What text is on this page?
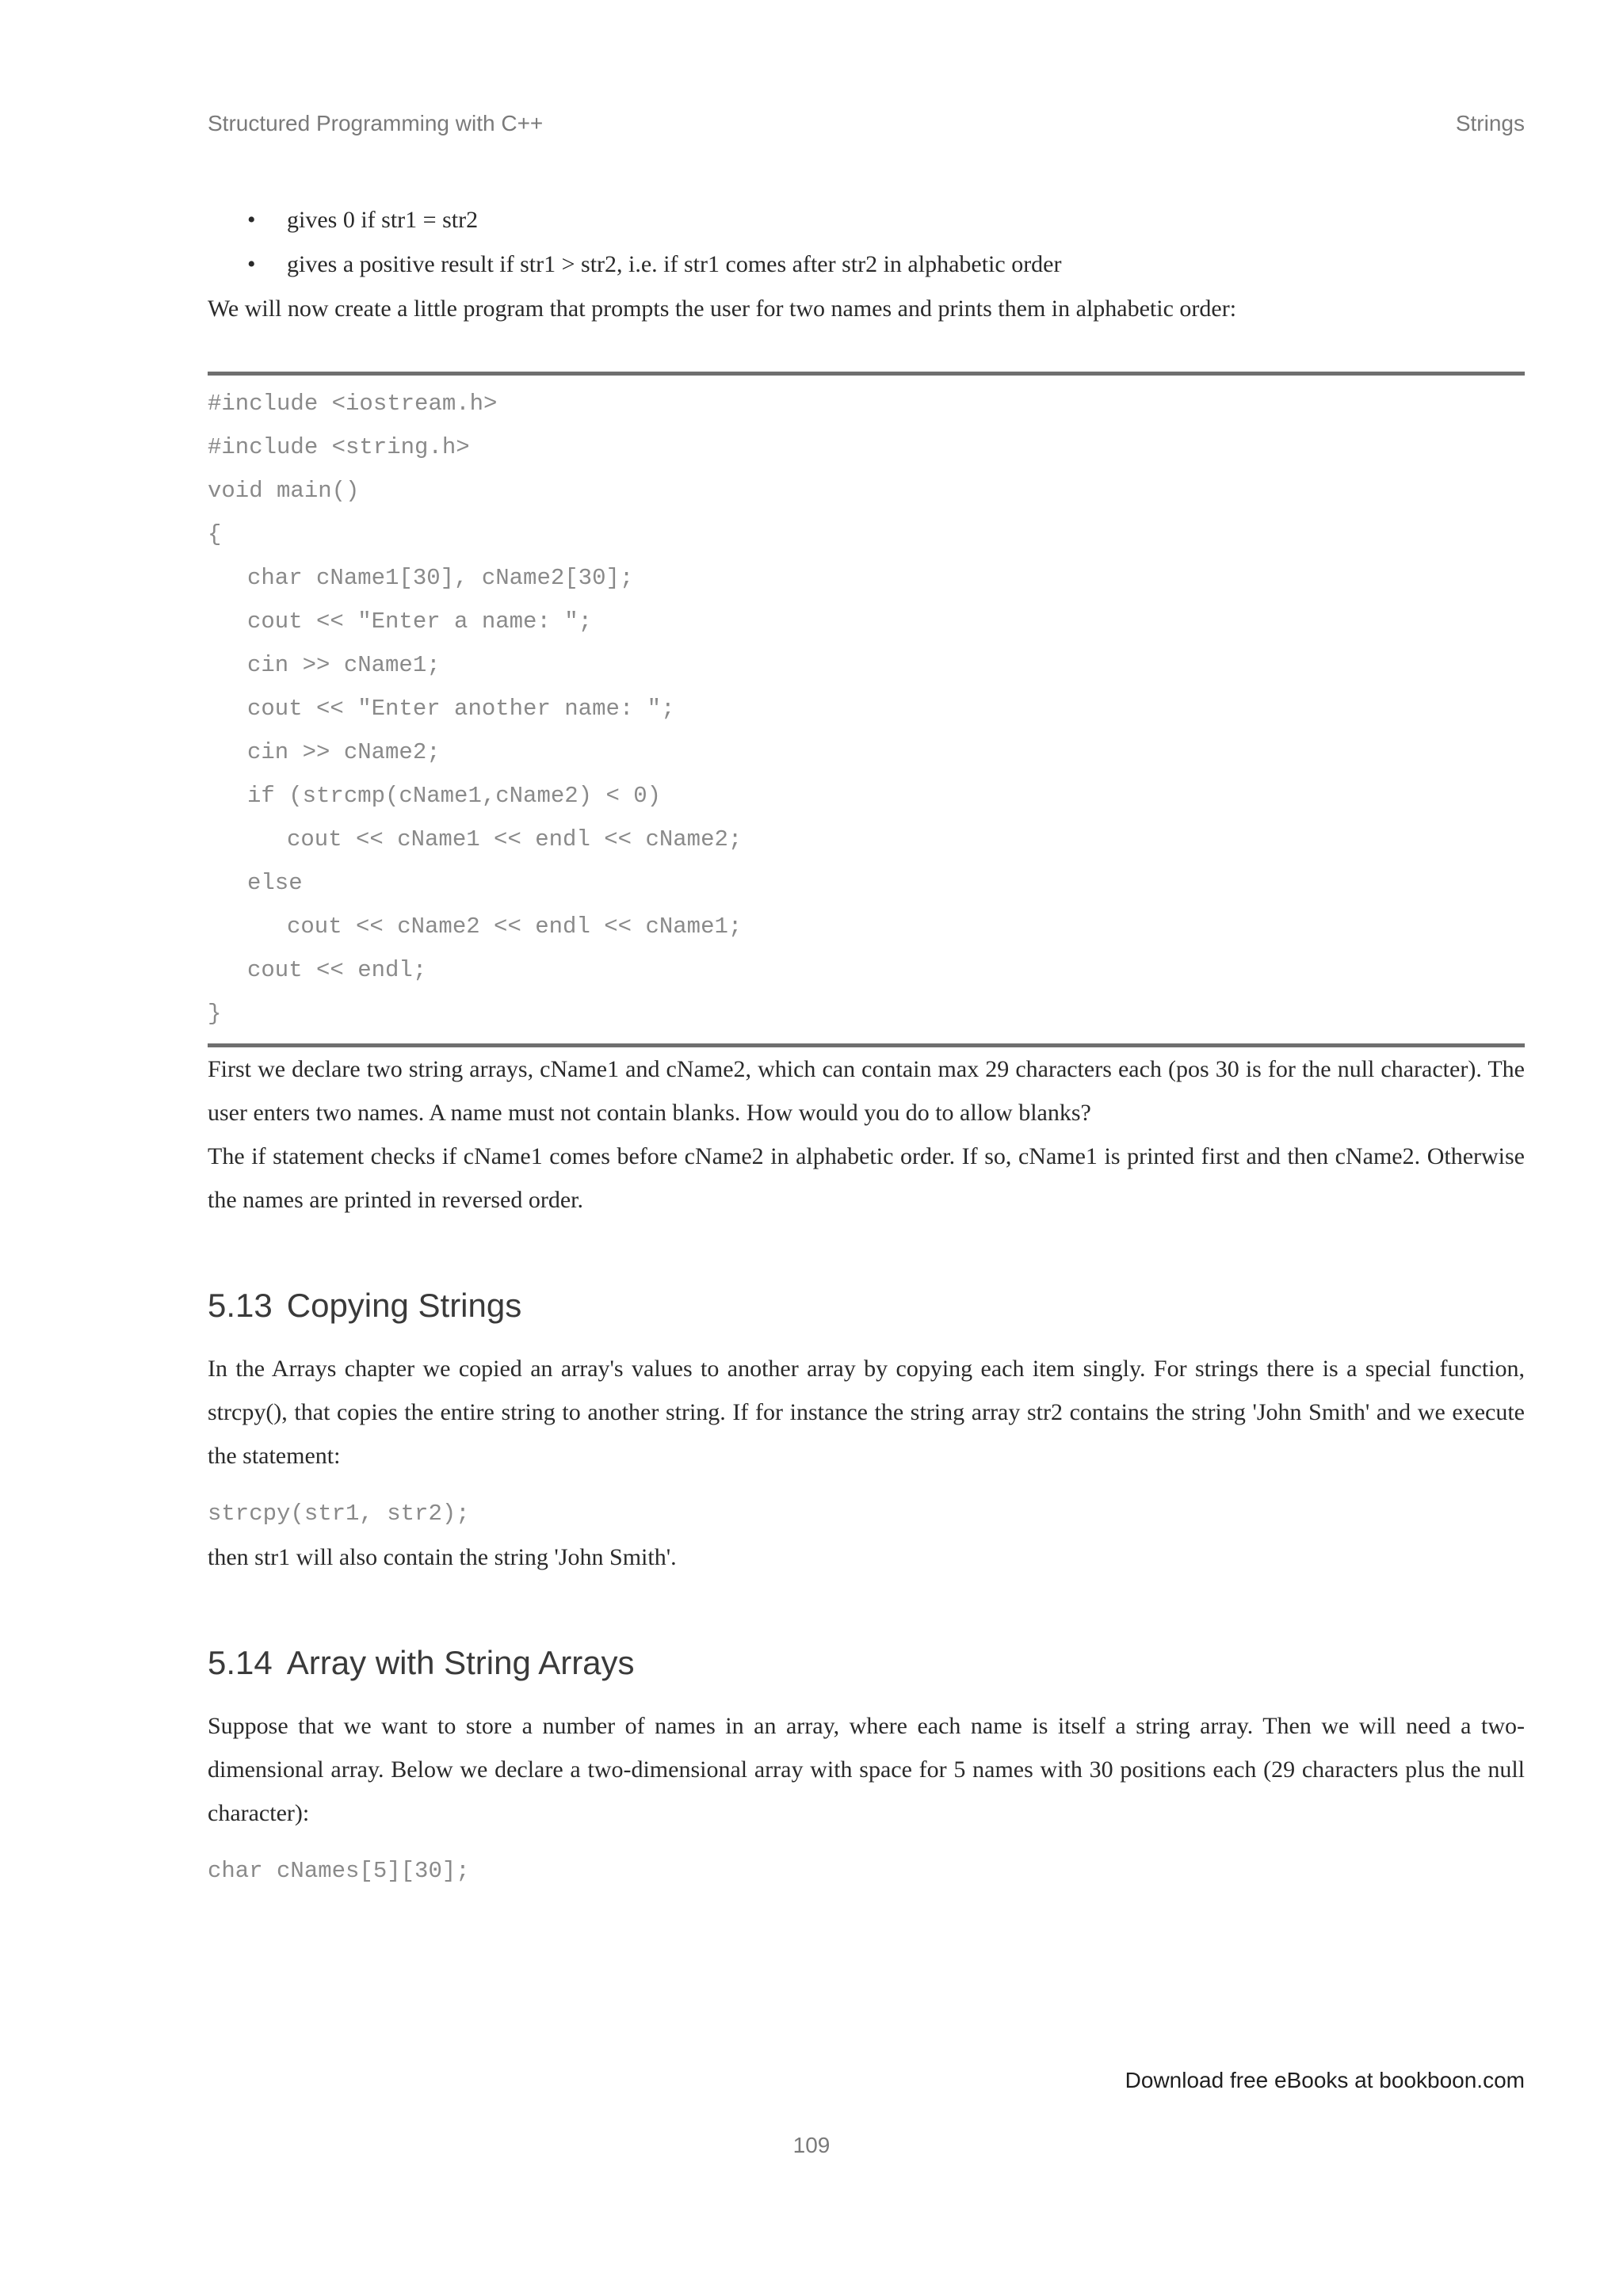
Structured Programming with C++	Strings
• gives 0 if str1 = str2
• gives a positive result if str1 > str2, i.e. if str1 comes after str2 in alphabetic order

We will now create a little program that prompts the user for two names and prints them in alphabetic order:

#include <iostream.h>
#include <string.h>
void main()
{
char cName1[30], cName2[30];
cout << "Enter a name: ";
cin >> cName1;
cout << "Enter another name: ";
cin >> cName2;
if (strcmp(cName1,cName2) < 0)
cout << cName1 << endl << cName2;
else
cout << cName2 << endl << cName1;
cout << endl;
}

First we declare two string arrays, cName1 and cName2, which can contain max 29 characters each (pos 30 is for the null character). The user enters two names. A name must not contain blanks. How would you do to allow blanks?

The if statement checks if cName1 comes before cName2 in alphabetic order. If so, cName1 is printed first and then cName2. Otherwise the names are printed in reversed order.

5.13 Copying Strings

In the Arrays chapter we copied an array's values to another array by copying each item singly. For strings there is a special function, strcpy(), that copies the entire string to another string. If for instance the string array str2 contains the string 'John Smith' and we execute the statement:

strcpy(str1, str2);

then str1 will also contain the string 'John Smith'.

5.14 Array with String Arrays

Suppose that we want to store a number of names in an array, where each name is itself a string array. Then we will need a two-dimensional array. Below we declare a two-dimensional array with space for 5 names with 30 positions each (29 characters plus the null character):

char cNames[5][30];
Download free eBooks at bookboon.com
109
